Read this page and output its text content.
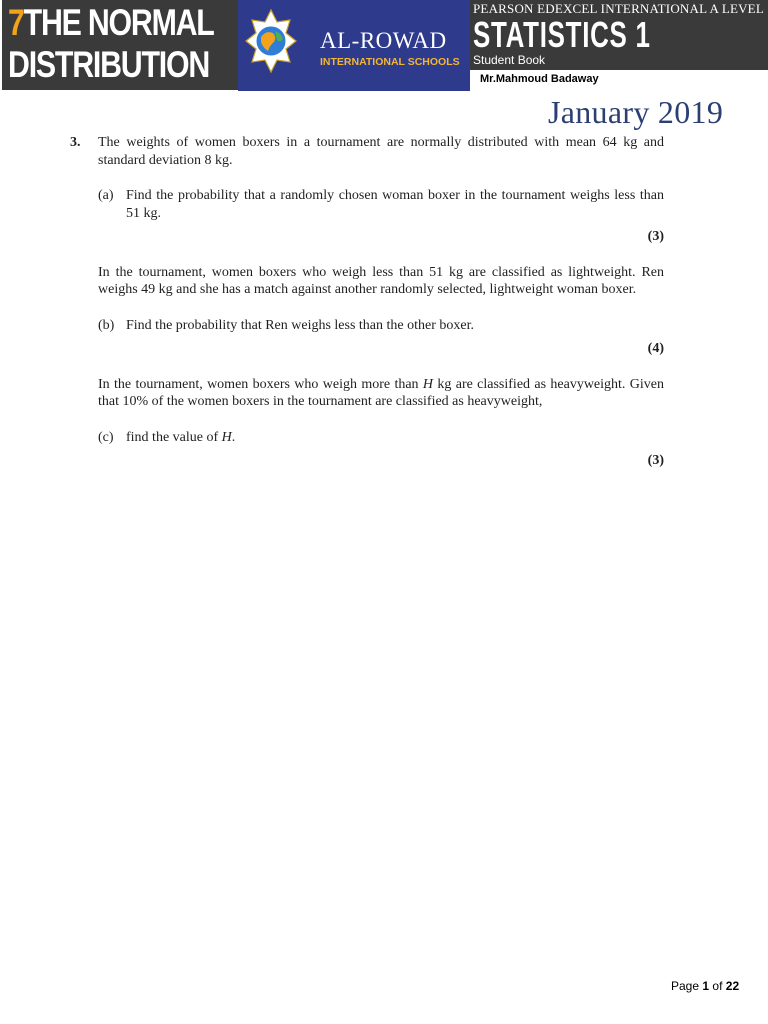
7THE NORMAL
DISTRIBUTION
AL-ROWAD
INTERNATIONAL SCHOOLS
PEARSON EDEXCEL INTERNATIONAL A LEVEL
STATISTICS 1
Student Book
Mr.Mahmoud Badaway
January 2019
3. The weights of women boxers in a tournament are normally distributed with mean 64 kg and standard deviation 8 kg.
(a) Find the probability that a randomly chosen woman boxer in the tournament weighs less than 51 kg.
(3)
In the tournament, women boxers who weigh less than 51 kg are classified as lightweight. Ren weighs 49 kg and she has a match against another randomly selected, lightweight woman boxer.
(b) Find the probability that Ren weighs less than the other boxer.
(4)
In the tournament, women boxers who weigh more than H kg are classified as heavyweight. Given that 10% of the women boxers in the tournament are classified as heavyweight,
(c) find the value of H.
(3)
Page 1 of 22
